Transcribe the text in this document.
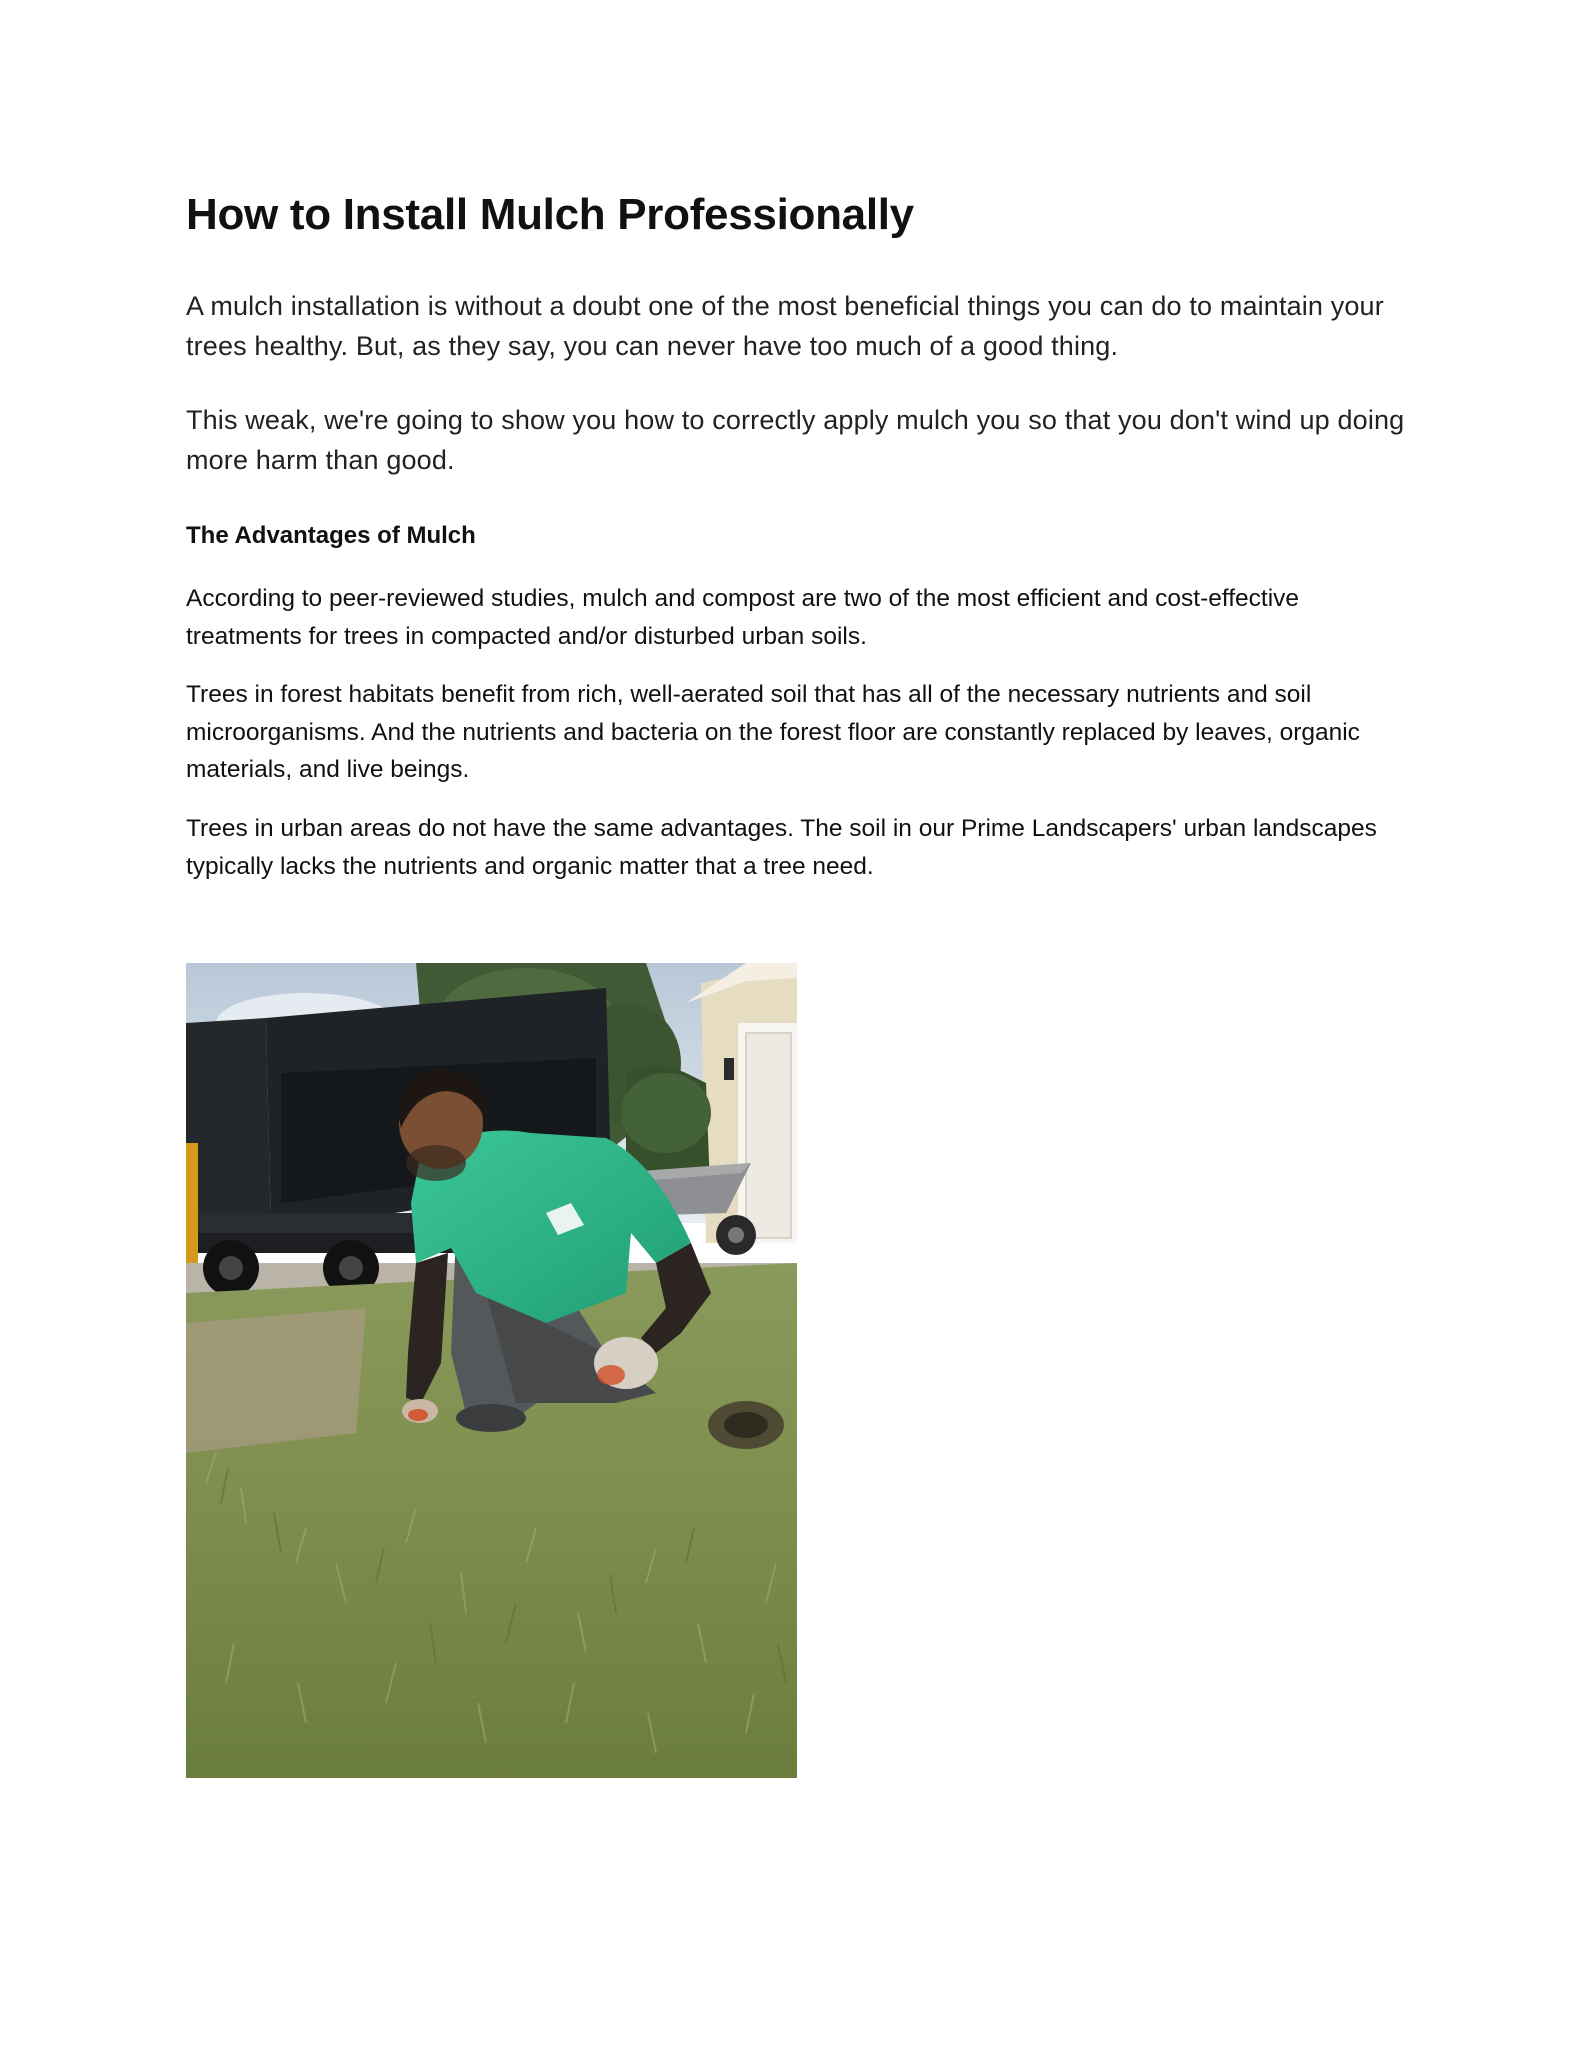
How to Install Mulch Professionally

A mulch installation is without a doubt one of the most beneficial things you can do to maintain your trees healthy. But, as they say, you can never have too much of a good thing.

This weak, we're going to show you how to correctly apply mulch you so that you don't wind up doing more harm than good.

The Advantages of Mulch

According to peer-reviewed studies, mulch and compost are two of the most efficient and cost-effective treatments for trees in compacted and/or disturbed urban soils.

Trees in forest habitats benefit from rich, well-aerated soil that has all of the necessary nutrients and soil microorganisms. And the nutrients and bacteria on the forest floor are constantly replaced by leaves, organic materials, and live beings.

Trees in urban areas do not have the same advantages. The soil in our Prime Landscapers' urban landscapes typically lacks the nutrients and organic matter that a tree need.
